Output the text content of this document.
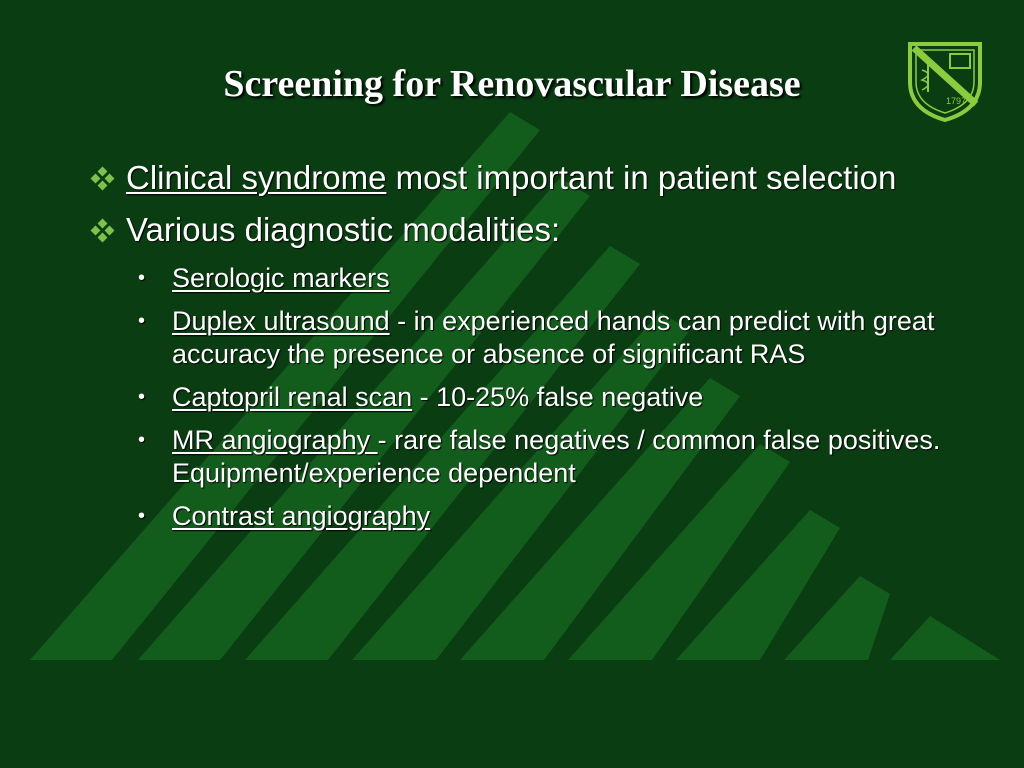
Screening for Renovascular Disease	1797
Clinical syndrome most important in patient selection
Various diagnostic modalities:
• Serologic markers
• Duplex ultrasound - in experienced hands can predict with great accuracy the presence or absence of significant RAS
• Captopril renal scan - 10-25% false negative
• MR angiography - rare false negatives / common false positives. Equipment/experience dependent
• Contrast angiography
